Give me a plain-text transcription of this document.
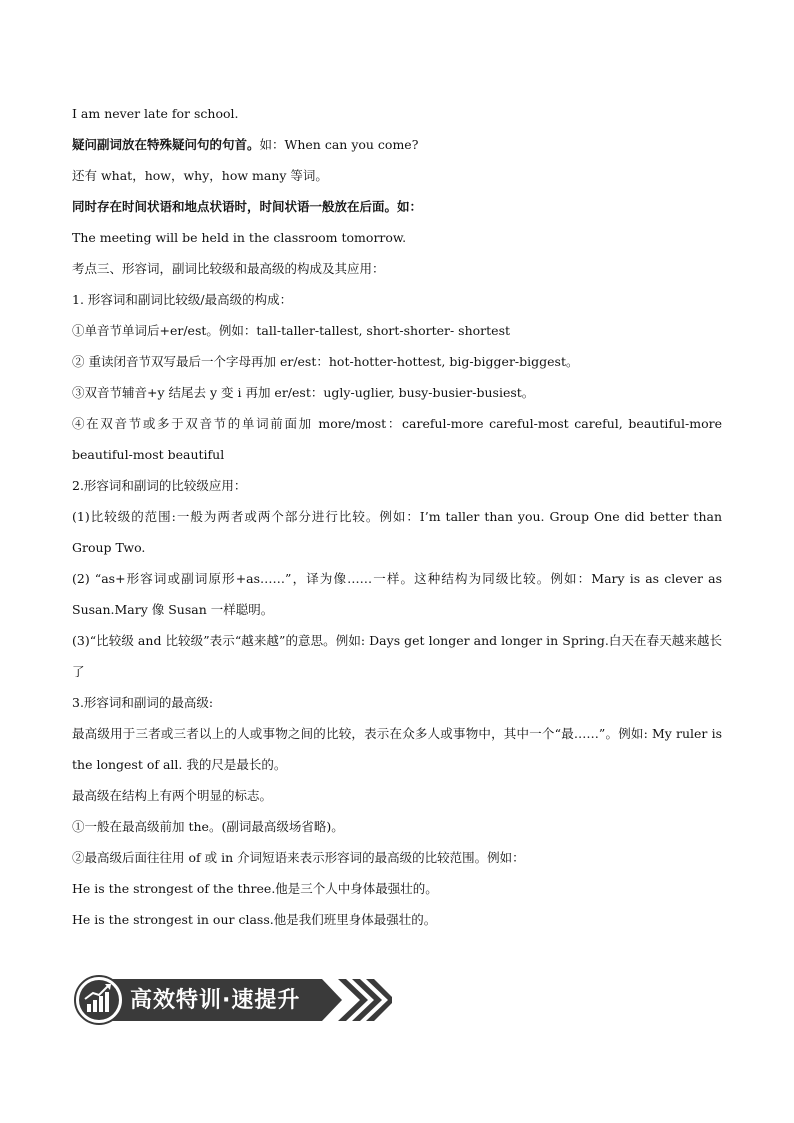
I am never late for school.
疑问副词放在特殊疑问句的句首。如：When can you come?
还有 what，how，why，how many 等词。
同时存在时间状语和地点状语时，时间状语一般放在后面。如：
The meeting will be held in the classroom tomorrow.
考点三、形容词，副词比较级和最高级的构成及其应用：
1. 形容词和副词比较级/最高级的构成：
①单音节单词后+er/est。例如：tall-taller-tallest, short-shorter- shortest
② 重读闭音节双写最后一个字母再加 er/est：hot-hotter-hottest, big-bigger-biggest。
③双音节辅音+y 结尾去 y 变 i 再加 er/est：ugly-uglier, busy-busier-busiest。
④在双音节或多于双音节的单词前面加 more/most：careful-more careful-most careful, beautiful-more beautiful-most beautiful
2.形容词和副词的比较级应用：
(1)比较级的范围:一般为两者或两个部分进行比较。例如：I’m taller than you. Group One did better than Group Two.
(2) “as+形容词或副词原形+as……”，译为像……一样。这种结构为同级比较。例如：Mary is as clever as Susan.Mary 像 Susan 一样聪明。
(3)“比较级 and 比较级”表示“越来越”的意思。例如: Days get longer and longer in Spring.白天在春天越来越长了
3.形容词和副词的最高级:
最高级用于三者或三者以上的人或事物之间的比较，表示在众多人或事物中，其中一个“最……”。例如: My ruler is the longest of all. 我的尺是最长的。
最高级在结构上有两个明显的标志。
①一般在最高级前加 the。(副词最高级场省略)。
②最高级后面往往用 of 或 in 介词短语来表示形容词的最高级的比较范围。例如：
He is the strongest of the three.他是三个人中身体最强壮的。
He is the strongest in our class.他是我们班里身体最强壮的。
高效特训·速提升
